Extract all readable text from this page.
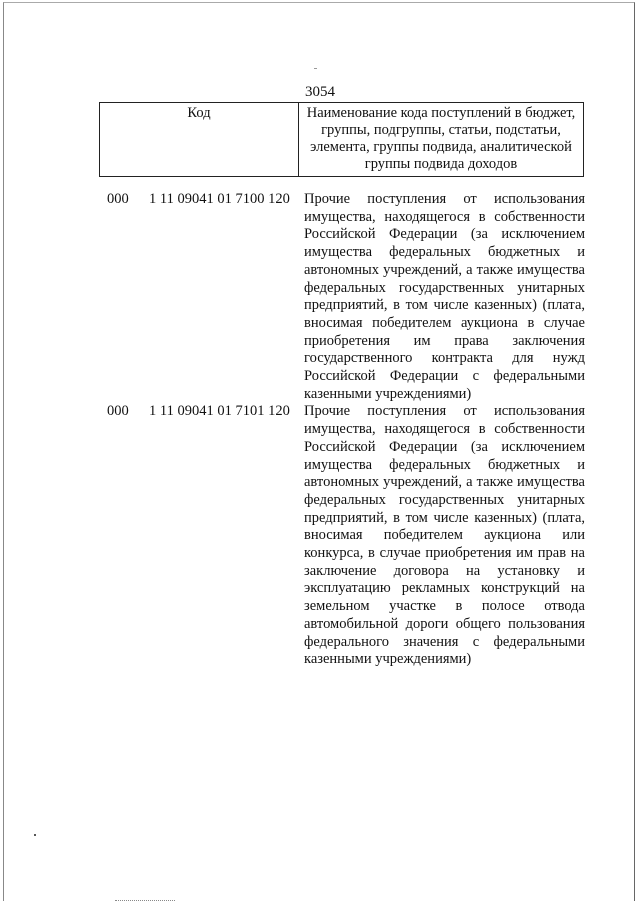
3054
Код	Наименование кода поступлений в бюджет, группы, подгруппы, статьи, подстатьи, элемента, группы подвида, аналитической группы подвида доходов
000 1 11 09041 01 7100 120 Прочие поступления от использования имущества, находящегося в собственности Российской Федерации (за исключением имущества федеральных бюджетных и автономных учреждений, а также имущества федеральных государственных унитарных предприятий, в том числе казенных) (плата, вносимая победителем аукциона в случае приобретения им права заключения государственного контракта для нужд Российской Федерации с федеральными казенными учреждениями)
000 1 11 09041 01 7101 120 Прочие поступления от использования имущества, находящегося в собственности Российской Федерации (за исключением имущества федеральных бюджетных и автономных учреждений, а также имущества федеральных государственных унитарных предприятий, в том числе казенных) (плата, вносимая победителем аукциона или конкурса, в случае приобретения им прав на заключение договора на установку и эксплуатацию рекламных конструкций на земельном участке в полосе отвода автомобильной дороги общего пользования федерального значения с федеральными казенными учреждениями)
